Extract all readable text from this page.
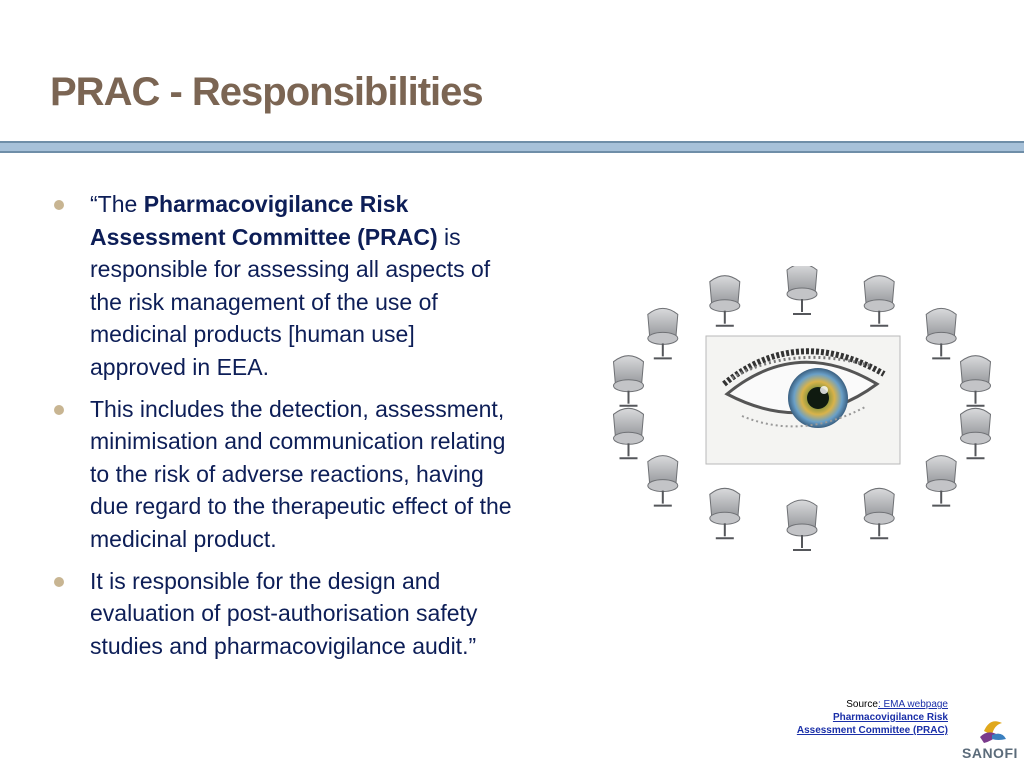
PRAC - Responsibilities
“The Pharmacovigilance Risk
Assessment Committee (PRAC) is
responsible for assessing all aspects of
the risk management of the use of
medicinal products [human use]
approved in EEA.
This includes the detection, assessment,
minimisation and communication relating
to the risk of adverse reactions, having
due regard to the therapeutic effect of the
medicinal product.
It is responsible for the design and
evaluation of post-authorisation safety
studies and pharmacovigilance audit.”
Source: EMA webpage
Pharmacovigilance Risk
Assessment Committee (PRAC)
SANOFI
